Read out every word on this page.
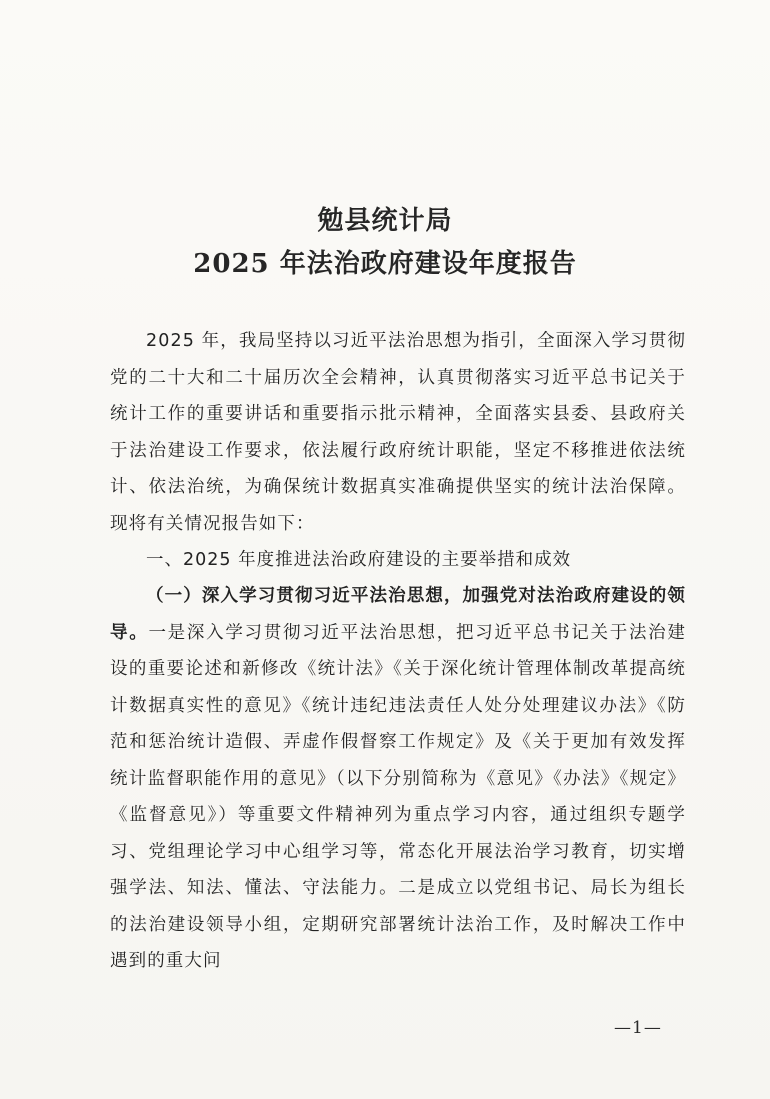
勉县统计局
2025 年法治政府建设年度报告
2025 年，我局坚持以习近平法治思想为指引，全面深入学习贯彻党的二十大和二十届历次全会精神，认真贯彻落实习近平总书记关于统计工作的重要讲话和重要指示批示精神，全面落实县委、县政府关于法治建设工作要求，依法履行政府统计职能，坚定不移推进依法统计、依法治统，为确保统计数据真实准确提供坚实的统计法治保障。现将有关情况报告如下：
一、2025 年度推进法治政府建设的主要举措和成效
（一）深入学习贯彻习近平法治思想，加强党对法治政府建设的领导。一是深入学习贯彻习近平法治思想，把习近平总书记关于法治建设的重要论述和新修改《统计法》《关于深化统计管理体制改革提高统计数据真实性的意见》《统计违纪违法责任人处分处理建议办法》《防范和惩治统计造假、弄虚作假督察工作规定》及《关于更加有效发挥统计监督职能作用的意见》（以下分别简称为《意见》《办法》《规定》《监督意见》）等重要文件精神列为重点学习内容，通过组织专题学习、党组理论学习中心组学习等，常态化开展法治学习教育，切实增强学法、知法、懂法、守法能力。二是成立以党组书记、局长为组长的法治建设领导小组，定期研究部署统计法治工作，及时解决工作中遇到的重大问
—1—
